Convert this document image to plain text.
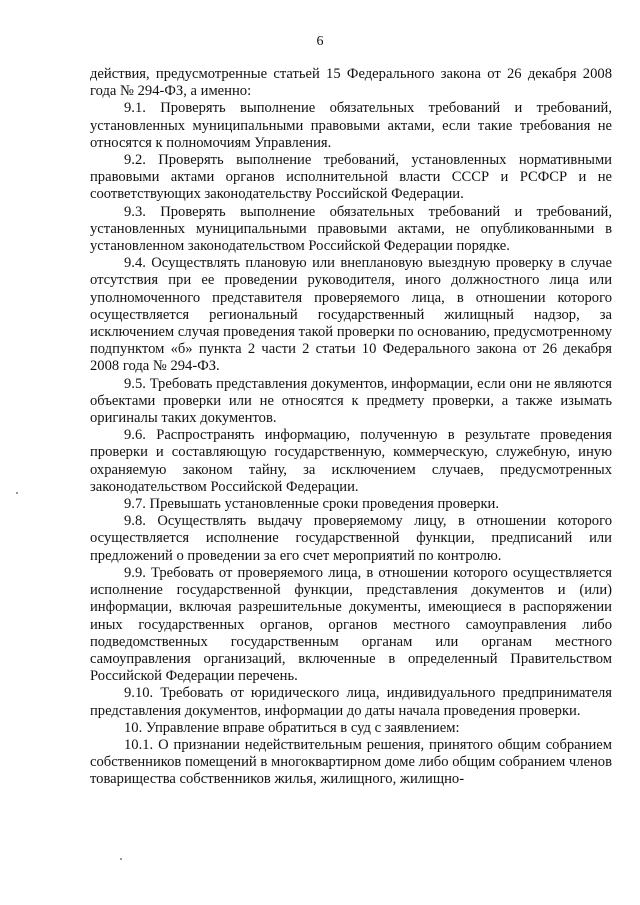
6

действия, предусмотренные статьей 15 Федерального закона от 26 декабря 2008 года № 294-ФЗ, а именно:

9.1. Проверять выполнение обязательных требований и требований, установленных муниципальными правовыми актами, если такие требования не относятся к полномочиям Управления.

9.2. Проверять выполнение требований, установленных нормативными правовыми актами органов исполнительной власти СССР и РСФСР и не соответствующих законодательству Российской Федерации.

9.3. Проверять выполнение обязательных требований и требований, установленных муниципальными правовыми актами, не опубликованными в установленном законодательством Российской Федерации порядке.

9.4. Осуществлять плановую или внеплановую выездную проверку в случае отсутствия при ее проведении руководителя, иного должностного лица или уполномоченного представителя проверяемого лица, в отношении которого осуществляется региональный государственный жилищный надзор, за исключением случая проведения такой проверки по основанию, предусмотренному подпунктом «б» пункта 2 части 2 статьи 10 Федерального закона от 26 декабря 2008 года № 294-ФЗ.

9.5. Требовать представления документов, информации, если они не являются объектами проверки или не относятся к предмету проверки, а также изымать оригиналы таких документов.

9.6. Распространять информацию, полученную в результате проведения проверки и составляющую государственную, коммерческую, служебную, иную охраняемую законом тайну, за исключением случаев, предусмотренных законодательством Российской Федерации.

9.7. Превышать установленные сроки проведения проверки.

9.8. Осуществлять выдачу проверяемому лицу, в отношении которого осуществляется исполнение государственной функции, предписаний или предложений о проведении за его счет мероприятий по контролю.

9.9. Требовать от проверяемого лица, в отношении которого осуществляется исполнение государственной функции, представления документов и (или) информации, включая разрешительные документы, имеющиеся в распоряжении иных государственных органов, органов местного самоуправления либо подведомственных государственным органам или органам местного самоуправления организаций, включенные в определенный Правительством Российской Федерации перечень.

9.10. Требовать от юридического лица, индивидуального предпринимателя представления документов, информации до даты начала проведения проверки.

10. Управление вправе обратиться в суд с заявлением:

10.1. О признании недействительным решения, принятого общим собранием собственников помещений в многоквартирном доме либо общим собранием членов товарищества собственников жилья, жилищного, жилищно-
